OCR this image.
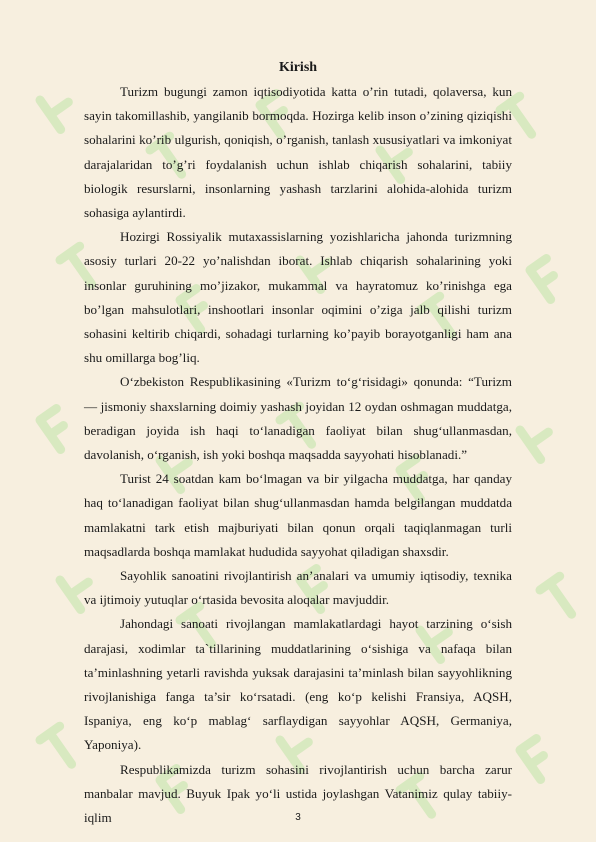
Kirish

Turizm bugungi zamon iqtisodiyotida katta o’rin tutadi, qolaversa, kun sayin takomillashib, yangilanib bormoqda. Hozirga kelib inson o’zining qiziqishi sohalarini ko’rib ulgurish, qoniqish, o’rganish, tanlash xususiyatlari va imkoniyat darajalaridan to’g’ri foydalanish uchun ishlab chiqarish sohalarini, tabiiy biologik resurslarni, insonlarning yashash tarzlarini alohida-alohida turizm sohasiga aylantirdi.

Hozirgi Rossiyalik mutaxassislarning yozishlaricha jahonda turizmning asosiy turlari 20-22 yo’nalishdan iborat. Ishlab chiqarish sohalarining yoki insonlar guruhining mo’jizakor, mukammal va hayratomuz ko’rinishga ega bo’lgan mahsulotlari, inshootlari insonlar oqimini o’ziga jalb qilishi turizm sohasini keltirib chiqardi, sohadagi turlarning ko’payib borayotganligi ham ana shu omillarga bog’liq.

O‘zbekiston Respublikasining «Turizm to‘g‘risidagi» qonunda: “Turizm— jismoniy shaxslarning doimiy yashash joyidan 12 oydan oshmagan muddatga, beradigan joyida ish haqi to‘lanadigan faoliyat bilan shug‘ullanmasdan, davolanish, o‘rganish, ish yoki boshqa maqsadda sayyohati hisoblanadi.”

Turist 24 soatdan kam bo‘lmagan va bir yilgacha muddatga, har qanday haq to‘lanadigan faoliyat bilan shug‘ullanmasdan hamda belgilangan muddatda mamlakatni tark etish majburiyati bilan qonun orqali taqiqlanmagan turli maqsadlarda boshqa mamlakat hududida sayyohat qiladigan shaxsdir.

Sayohlik sanoatini rivojlantirish an’analari va umumiy iqtisodiy, texnika va ijtimoiy yutuqlar o‘rtasida bevosita aloqalar mavjuddir.

Jahondagi sanoati rivojlangan mamlakatlardagi hayot tarzining o‘sish darajasi, xodimlar ta`tillarining muddatlarining o‘sishiga va nafaqa bilan ta’minlashning yetarli ravishda yuksak darajasini ta’minlash bilan sayyohlikning rivojlanishiga fanga ta’sir ko‘rsatadi. (eng ko‘p kelishi Fransiya, AQSH, Ispaniya, eng ko‘p mablag‘ sarflaydigan sayyohlar AQSH, Germaniya, Yaponiya).

Respublikamizda turizm sohasini rivojlantirish uchun barcha zarur manbalar mavjud. Buyuk Ipak yo‘li ustida joylashgan Vatanimiz qulay tabiiy-iqlim	3
